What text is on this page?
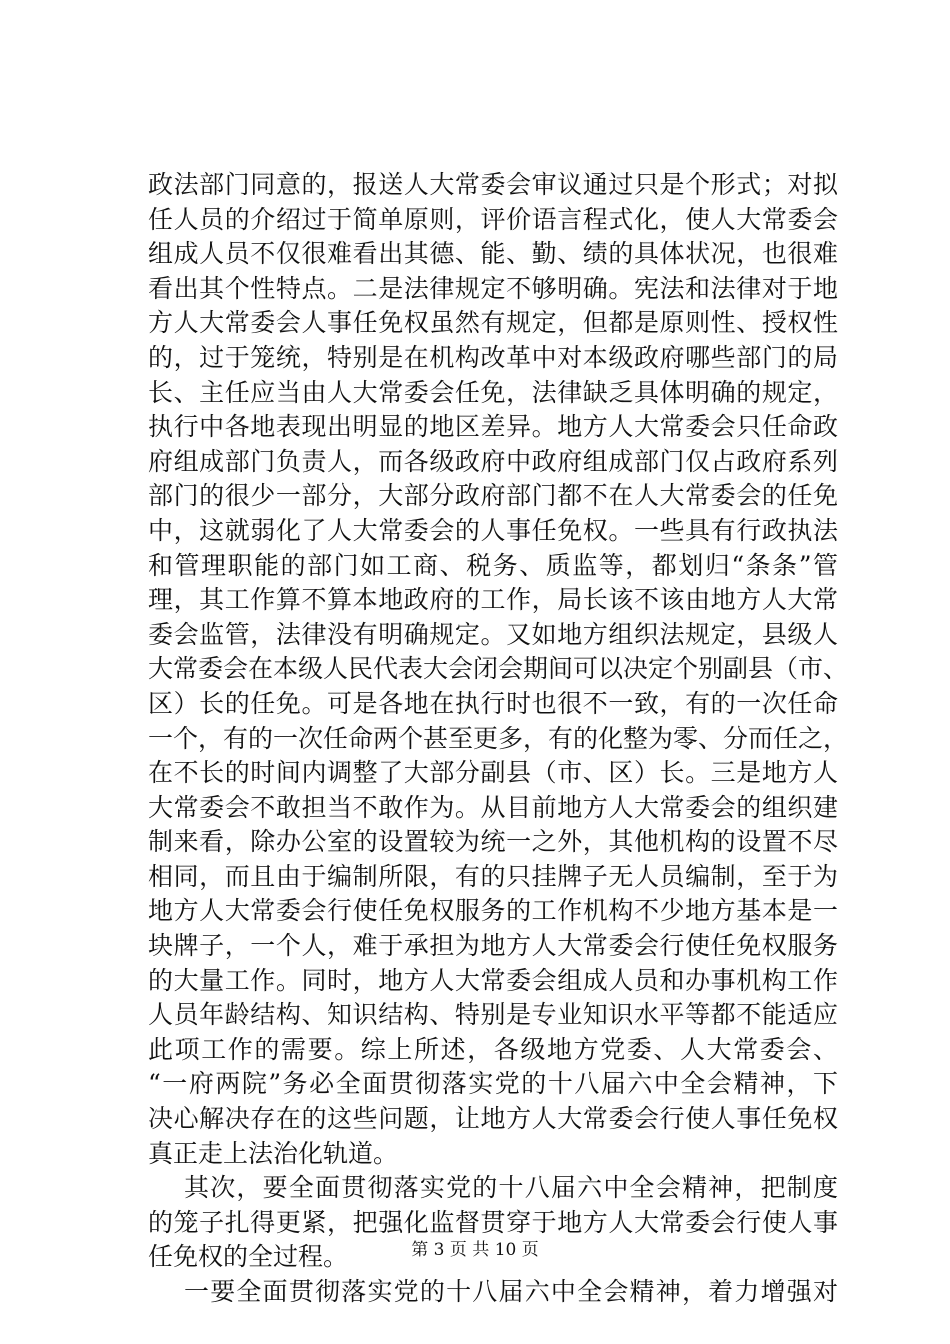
政法部门同意的，报送人大常委会审议通过只是个形式；对拟
任人员的介绍过于简单原则，评价语言程式化，使人大常委会
组成人员不仅很难看出其德、能、勤、绩的具体状况，也很难
看出其个性特点。二是法律规定不够明确。宪法和法律对于地
方人大常委会人事任免权虽然有规定，但都是原则性、授权性
的，过于笼统，特别是在机构改革中对本级政府哪些部门的局
长、主任应当由人大常委会任免，法律缺乏具体明确的规定，
执行中各地表现出明显的地区差异。地方人大常委会只任命政
府组成部门负责人，而各级政府中政府组成部门仅占政府系列
部门的很少一部分，大部分政府部门都不在人大常委会的任免
中，这就弱化了人大常委会的人事任免权。一些具有行政执法
和管理职能的部门如工商、税务、质监等，都划归“条条”管
理，其工作算不算本地政府的工作，局长该不该由地方人大常
委会监管，法律没有明确规定。又如地方组织法规定，县级人
大常委会在本级人民代表大会闭会期间可以决定个别副县（市、
区）长的任免。可是各地在执行时也很不一致，有的一次任命
一个，有的一次任命两个甚至更多，有的化整为零、分而任之，
在不长的时间内调整了大部分副县（市、区）长。三是地方人
大常委会不敢担当不敢作为。从目前地方人大常委会的组织建
制来看，除办公室的设置较为统一之外，其他机构的设置不尽
相同，而且由于编制所限，有的只挂牌子无人员编制，至于为
地方人大常委会行使任免权服务的工作机构不少地方基本是一
块牌子，一个人，难于承担为地方人大常委会行使任免权服务
的大量工作。同时，地方人大常委会组成人员和办事机构工作
人员年龄结构、知识结构、特别是专业知识水平等都不能适应
此项工作的需要。综上所述，各级地方党委、人大常委会、
“一府两院”务必全面贯彻落实党的十八届六中全会精神，下
决心解决存在的这些问题，让地方人大常委会行使人事任免权
真正走上法治化轨道。
其次，要全面贯彻落实党的十八届六中全会精神，把制度
的笼子扎得更紧，把强化监督贯穿于地方人大常委会行使人事
任免权的全过程。
一要全面贯彻落实党的十八届六中全会精神，着力增强对
第 3 页 共 10 页
